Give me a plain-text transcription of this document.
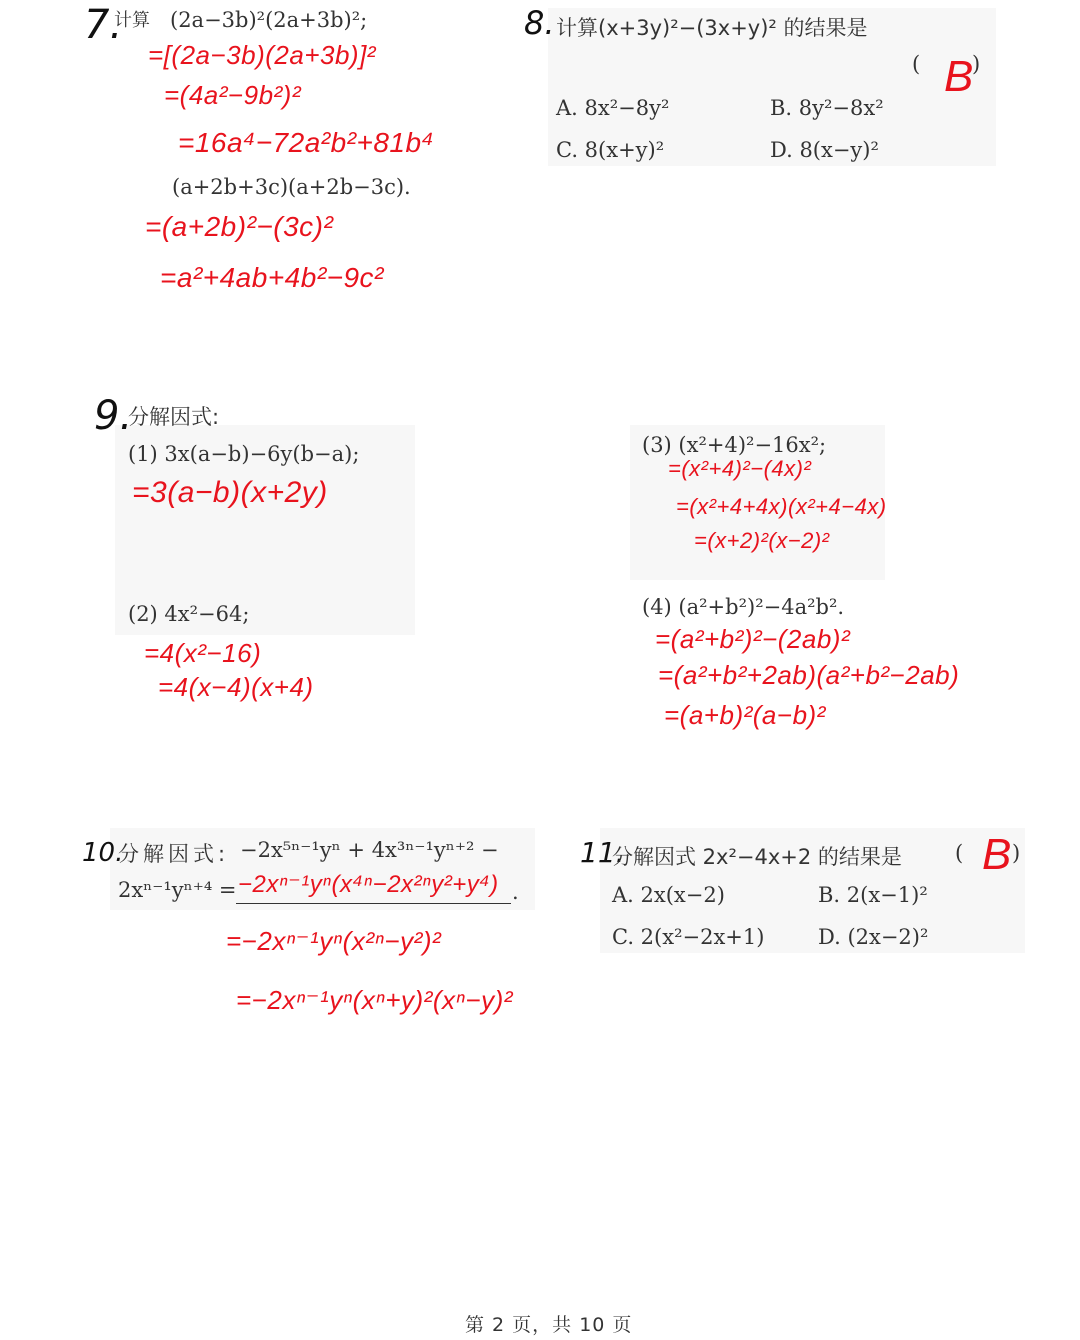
7.
计算 (2a−3b)²(2a+3b)²;
=[(2a−3b)(2a+3b)]²
=(4a²−9b²)²
=16a⁴−72a²b²+81b⁴
(a+2b+3c)(a+2b−3c).
=(a+2b)²−(3c)²
=a²+4ab+4b²−9c²
8. 计算(x+3y)²−(3x+y)² 的结果是
( B
)
A. 8x²−8y²	B. 8y²−8x²
C. 8(x+y)²	D. 8(x−y)²
9.
分解因式:
(1) 3x(a−b)−6y(b−a);
=3(a−b)(x+2y)
(2) 4x²−64;
=4(x²−16)
=4(x−4)(x+4)
(3) (x²+4)²−16x²;
=(x²+4)²−(4x)²
=(x²+4+4x)(x²+4−4x)
=(x+2)²(x−2)²
(4) (a²+b²)²−4a²b².
=(a²+b²)²−(2ab)²
=(a²+b²+2ab)(a²+b²−2ab)
=(a+b)²(a−b)²
10.
分解因式: −2x⁵ⁿ⁻¹yⁿ + 4x³ⁿ⁻¹yⁿ⁺² −
2xⁿ⁻¹yⁿ⁺⁴ = −2xⁿ⁻¹yⁿ(x⁴ⁿ−2x²ⁿy²+y⁴) .
=−2xⁿ⁻¹yⁿ(x²ⁿ−y²)²
=−2xⁿ⁻¹yⁿ(xⁿ+y)²(xⁿ−y)²
11.
分解因式 2x²−4x+2 的结果是	( B )
A. 2x(x−2)	B. 2(x−1)²
C. 2(x²−2x+1)	D. (2x−2)²
第 2 页，共 10 页
